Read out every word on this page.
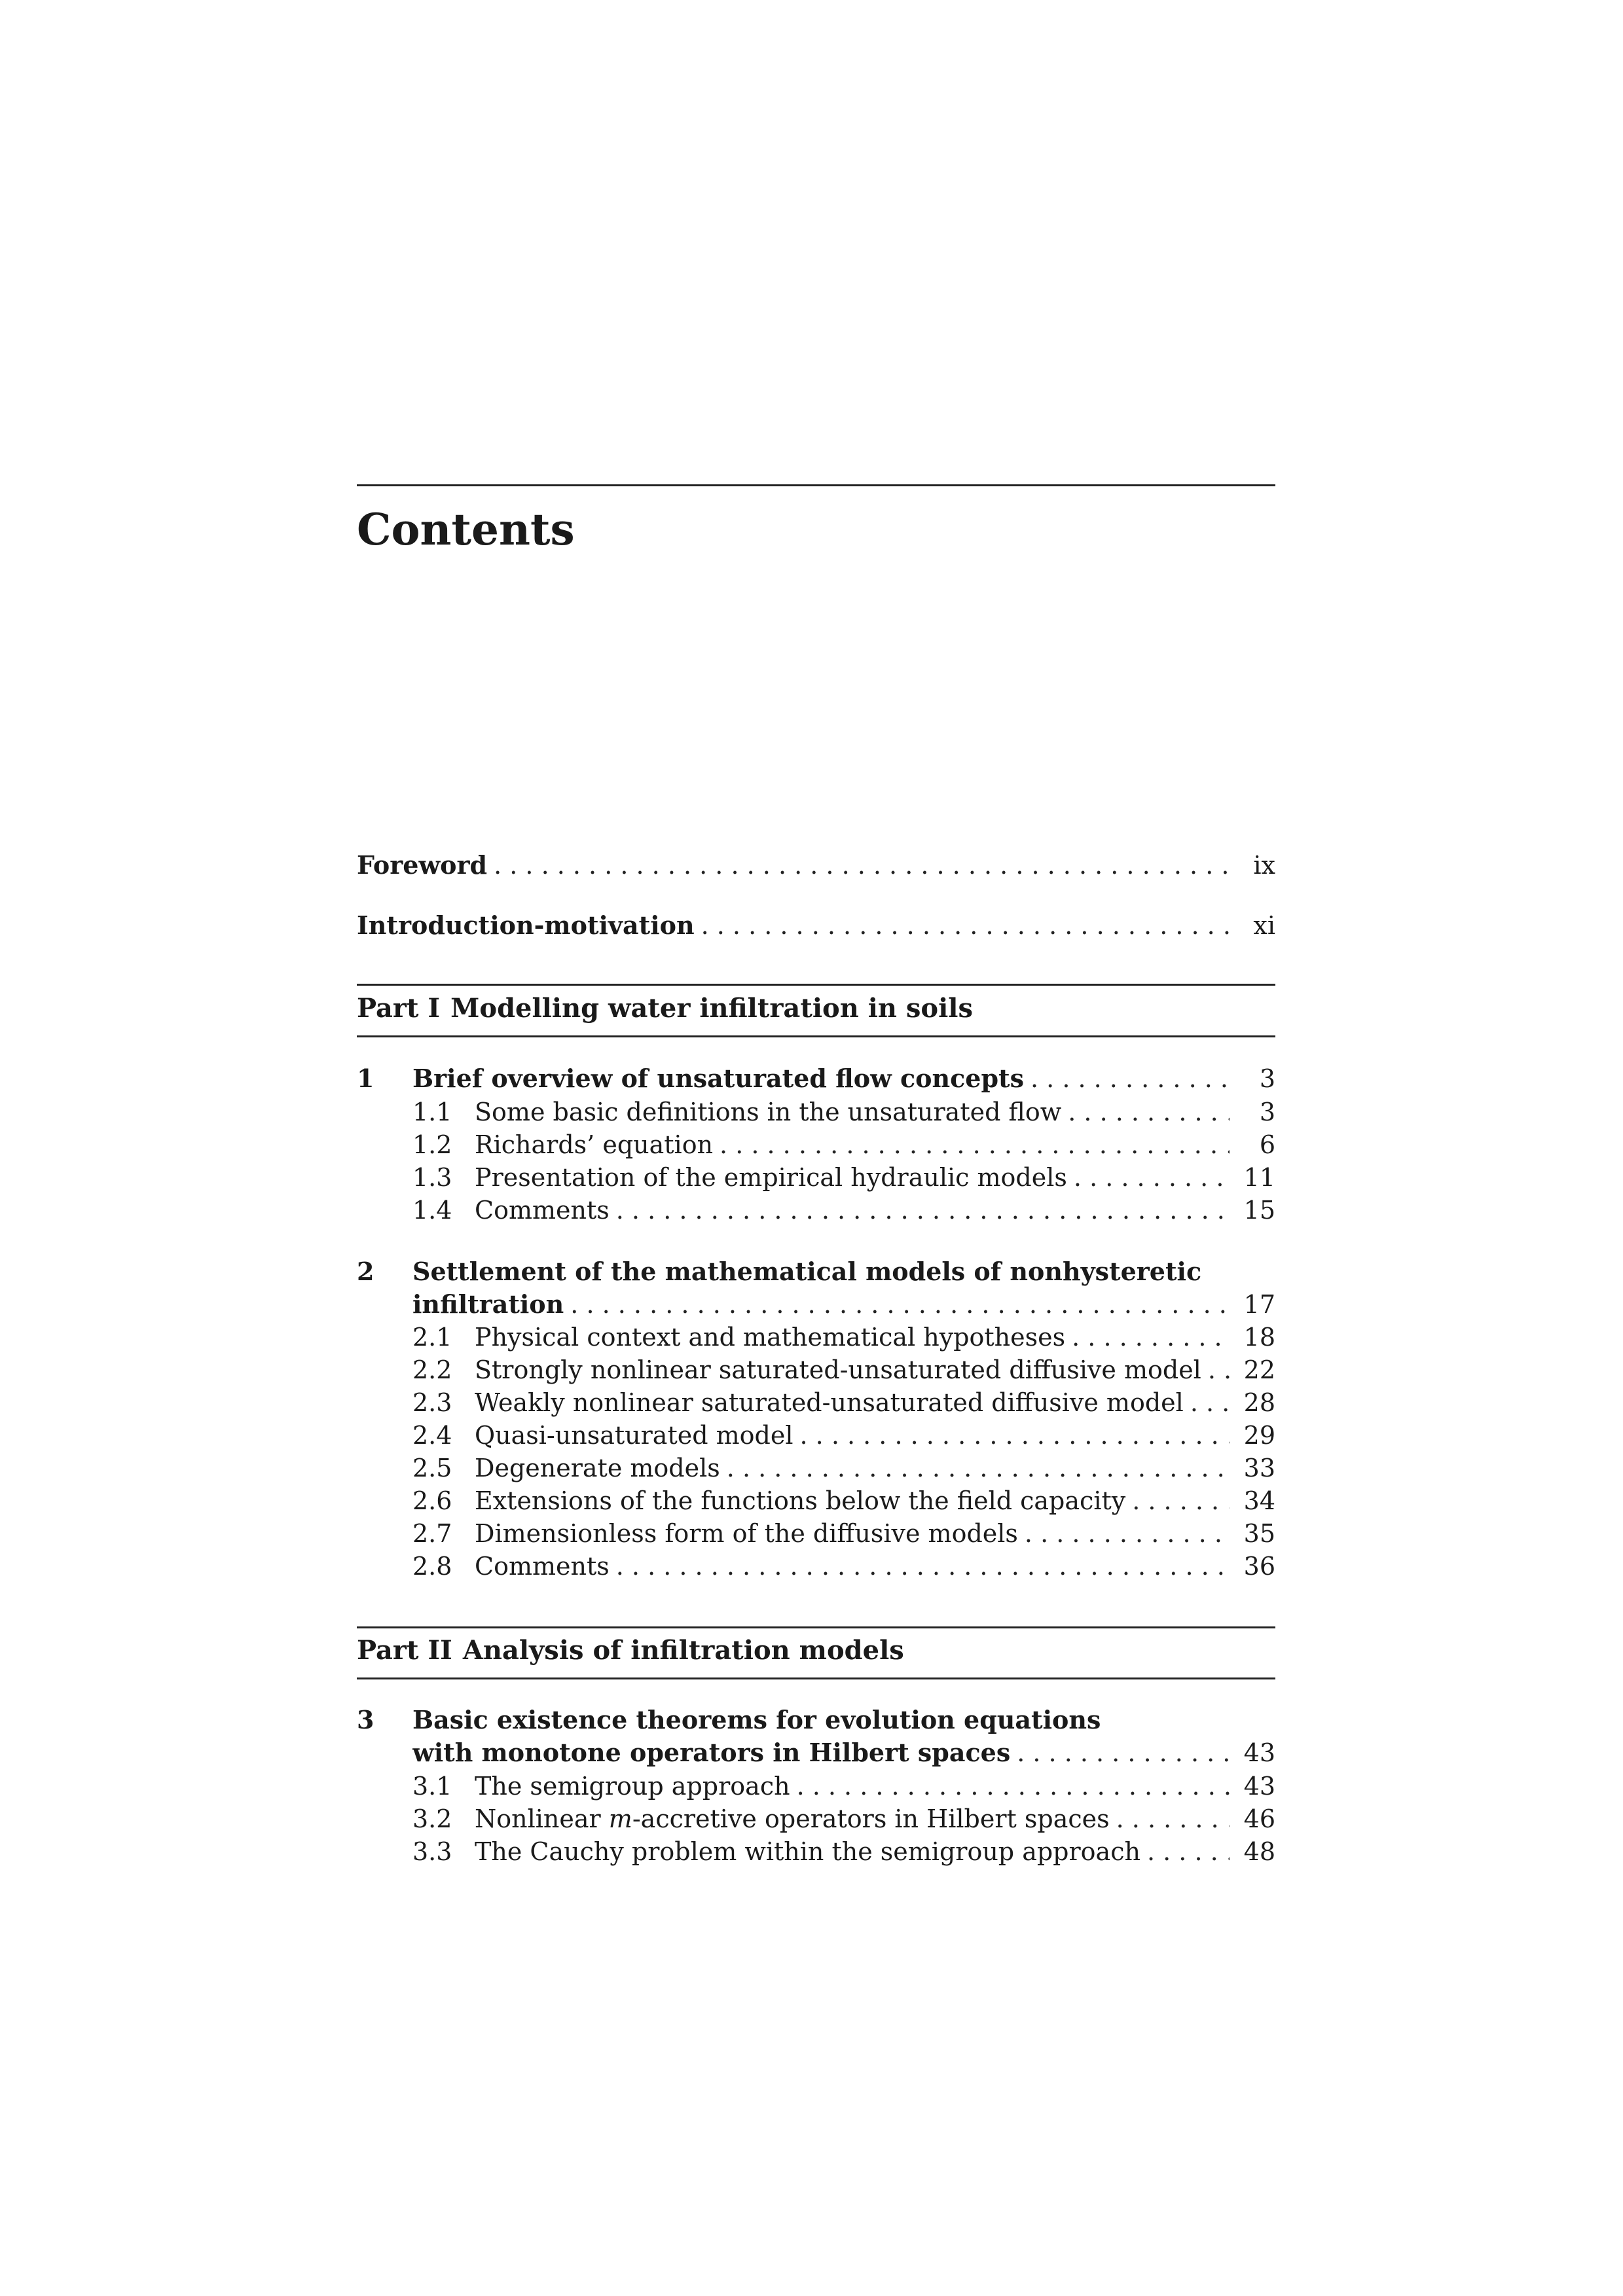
Contents
Foreword . . .	ix
Introduction-motivation . . .	xi
Part I Modelling water infiltration in soils
1 Brief overview of unsaturated flow concepts . . .	3
1.1 Some basic definitions in the unsaturated flow . . .	3
1.2 Richards’ equation . . .	6
1.3 Presentation of the empirical hydraulic models . . .	11
1.4 Comments . . .	15
2 Settlement of the mathematical models of nonhysteretic
infiltration . . .	17
2.1 Physical context and mathematical hypotheses . . .	18
2.2 Strongly nonlinear saturated-unsaturated diffusive model . . .	22
2.3 Weakly nonlinear saturated-unsaturated diffusive model . . .	28
2.4 Quasi-unsaturated model . . .	29
2.5 Degenerate models . . .	33
2.6 Extensions of the functions below the field capacity . . .	34
2.7 Dimensionless form of the diffusive models . . .	35
2.8 Comments . . .	36
Part II Analysis of infiltration models
3 Basic existence theorems for evolution equations
with monotone operators in Hilbert spaces . . .	43
3.1 The semigroup approach . . .	43
3.2 Nonlinear m-accretive operators in Hilbert spaces . . .	46
3.3 The Cauchy problem within the semigroup approach . . .	48
